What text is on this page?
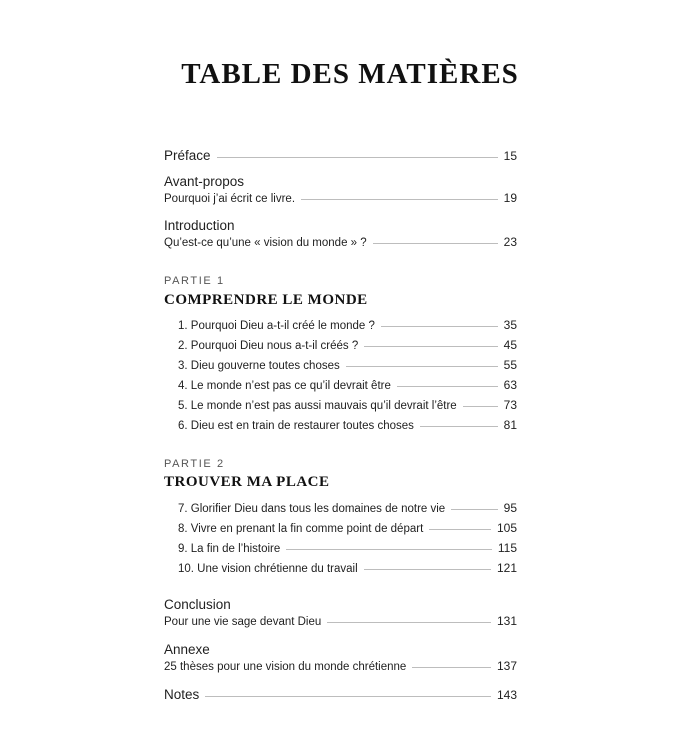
TABLE DES MATIÈRES
Préface	15
Avant-propos
Pourquoi j’ai écrit ce livre.	19
Introduction
Qu’est-ce qu’une « vision du monde » ?	23
PARTIE 1
COMPRENDRE LE MONDE
1. Pourquoi Dieu a-t-il créé le monde ?	35
2. Pourquoi Dieu nous a-t-il créés ?	45
3. Dieu gouverne toutes choses	55
4. Le monde n’est pas ce qu’il devrait être	63
5. Le monde n’est pas aussi mauvais qu’il devrait l’être	73
6. Dieu est en train de restaurer toutes choses	81
PARTIE 2
TROUVER MA PLACE
7. Glorifier Dieu dans tous les domaines de notre vie	95
8. Vivre en prenant la fin comme point de départ	105
9. La fin de l’histoire	115
10. Une vision chrétienne du travail	121
Conclusion
Pour une vie sage devant Dieu	131
Annexe
25 thèses pour une vision du monde chrétienne	137
Notes	143
